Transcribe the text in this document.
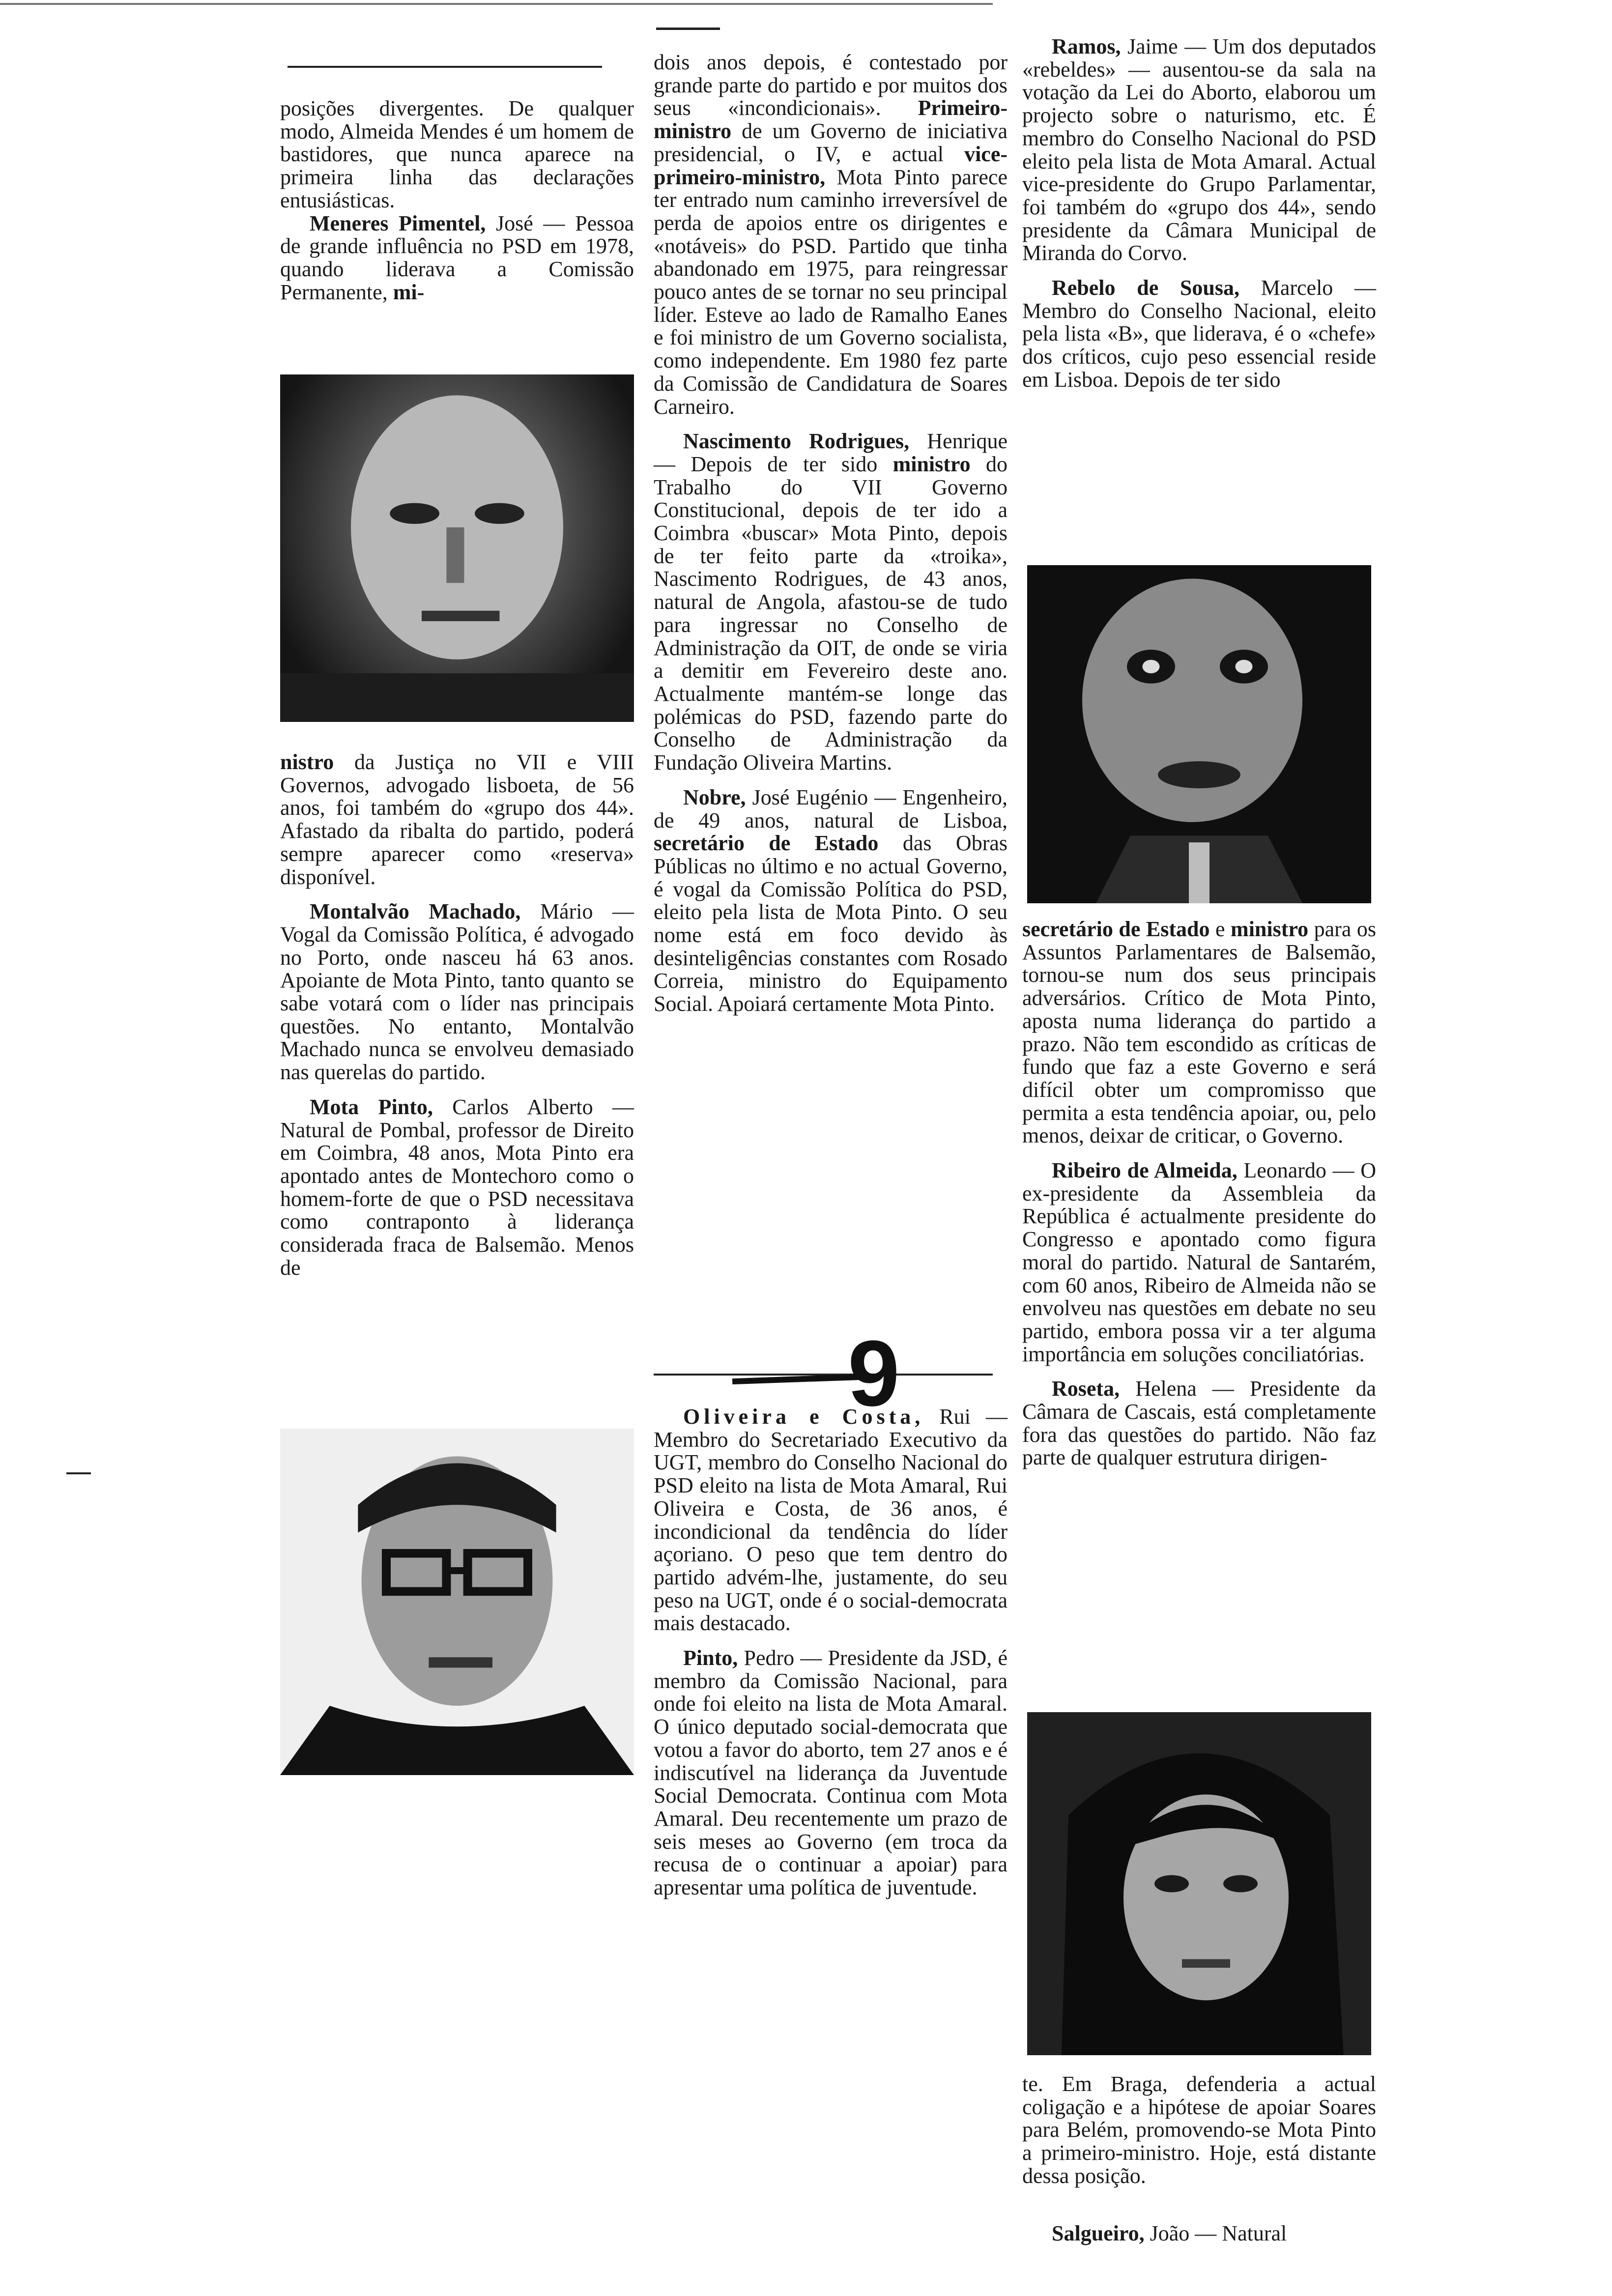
posições divergentes. De qualquer modo, Almeida Mendes é um homem de bastidores, que nunca aparece na primeira linha das declarações entusiásticas.

Meneres Pimentel, José — Pessoa de grande influência no PSD em 1978, quando liderava a Comissão Permanente, mi-

nistro da Justiça no VII e VIII Governos, advogado lisboeta, de 56 anos, foi também do «grupo dos 44». Afastado da ribalta do partido, poderá sempre aparecer como «reserva» disponível.

Montalvão Machado, Mário — Vogal da Comissão Política, é advogado no Porto, onde nasceu há 63 anos. Apoiante de Mota Pinto, tanto quanto se sabe votará com o líder nas principais questões. No entanto, Montalvão Machado nunca se envolveu demasiado nas querelas do partido.

Mota Pinto, Carlos Alberto — Natural de Pombal, professor de Direito em Coimbra, 48 anos, Mota Pinto era apontado antes de Montechoro como o homem-forte de que o PSD necessitava como contraponto à liderança considerada fraca de Balsemão. Menos de

dois anos depois, é contestado por grande parte do partido e por muitos dos seus «incondicionais». Primeiro-ministro de um Governo de iniciativa presidencial, o IV, e actual vice-primeiro-ministro, Mota Pinto parece ter entrado num caminho irreversível de perda de apoios entre os dirigentes e «notáveis» do PSD. Partido que tinha abandonado em 1975, para reingressar pouco antes de se tornar no seu principal líder. Esteve ao lado de Ramalho Eanes e foi ministro de um Governo socialista, como independente. Em 1980 fez parte da Comissão de Candidatura de Soares Carneiro.

Nascimento Rodrigues, Henrique — Depois de ter sido ministro do Trabalho do VII Governo Constitucional, depois de ter ido a Coimbra «buscar» Mota Pinto, depois de ter feito parte da «troika», Nascimento Rodrigues, de 43 anos, natural de Angola, afastou-se de tudo para ingressar no Conselho de Administração da OIT, de onde se viria a demitir em Fevereiro deste ano. Actualmente mantém-se longe das polémicas do PSD, fazendo parte do Conselho de Administração da Fundação Oliveira Martins.

Nobre, José Eugénio — Engenheiro, de 49 anos, natural de Lisboa, secretário de Estado das Obras Públicas no último e no actual Governo, é vogal da Comissão Política do PSD, eleito pela lista de Mota Pinto. O seu nome está em foco devido às desinteligências constantes com Rosado Correia, ministro do Equipamento Social. Apoiará certamente Mota Pinto.

9

Oliveira e Costa, Rui — Membro do Secretariado Executivo da UGT, membro do Conselho Nacional do PSD eleito na lista de Mota Amaral, Rui Oliveira e Costa, de 36 anos, é incondicional da tendência do líder açoriano. O peso que tem dentro do partido advém-lhe, justamente, do seu peso na UGT, onde é o social-democrata mais destacado.

Pinto, Pedro — Presidente da JSD, é membro da Comissão Nacional, para onde foi eleito na lista de Mota Amaral. O único deputado social-democrata que votou a favor do aborto, tem 27 anos e é indiscutível na liderança da Juventude Social Democrata. Continua com Mota Amaral. Deu recentemente um prazo de seis meses ao Governo (em troca da recusa de o continuar a apoiar) para apresentar uma política de juventude.

Ramos, Jaime — Um dos deputados «rebeldes» — ausentou-se da sala na votação da Lei do Aborto, elaborou um projecto sobre o naturismo, etc. É membro do Conselho Nacional do PSD eleito pela lista de Mota Amaral. Actual vice-presidente do Grupo Parlamentar, foi também do «grupo dos 44», sendo presidente da Câmara Municipal de Miranda do Corvo.

Rebelo de Sousa, Marcelo — Membro do Conselho Nacional, eleito pela lista «B», que liderava, é o «chefe» dos críticos, cujo peso essencial reside em Lisboa. Depois de ter sido

secretário de Estado e ministro para os Assuntos Parlamentares de Balsemão, tornou-se num dos seus principais adversários. Crítico de Mota Pinto, aposta numa liderança do partido a prazo. Não tem escondido as críticas de fundo que faz a este Governo e será difícil obter um compromisso que permita a esta tendência apoiar, ou, pelo menos, deixar de criticar, o Governo.

Ribeiro de Almeida, Leonardo — O ex-presidente da Assembleia da República é actualmente presidente do Congresso e apontado como figura moral do partido. Natural de Santarém, com 60 anos, Ribeiro de Almeida não se envolveu nas questões em debate no seu partido, embora possa vir a ter alguma importância em soluções conciliatórias.

Roseta, Helena — Presidente da Câmara de Cascais, está completamente fora das questões do partido. Não faz parte de qualquer estrutura dirigen-

te. Em Braga, defenderia a actual coligação e a hipótese de apoiar Soares para Belém, promovendo-se Mota Pinto a primeiro-ministro. Hoje, está distante dessa posição.

Salgueiro, João — Natural
